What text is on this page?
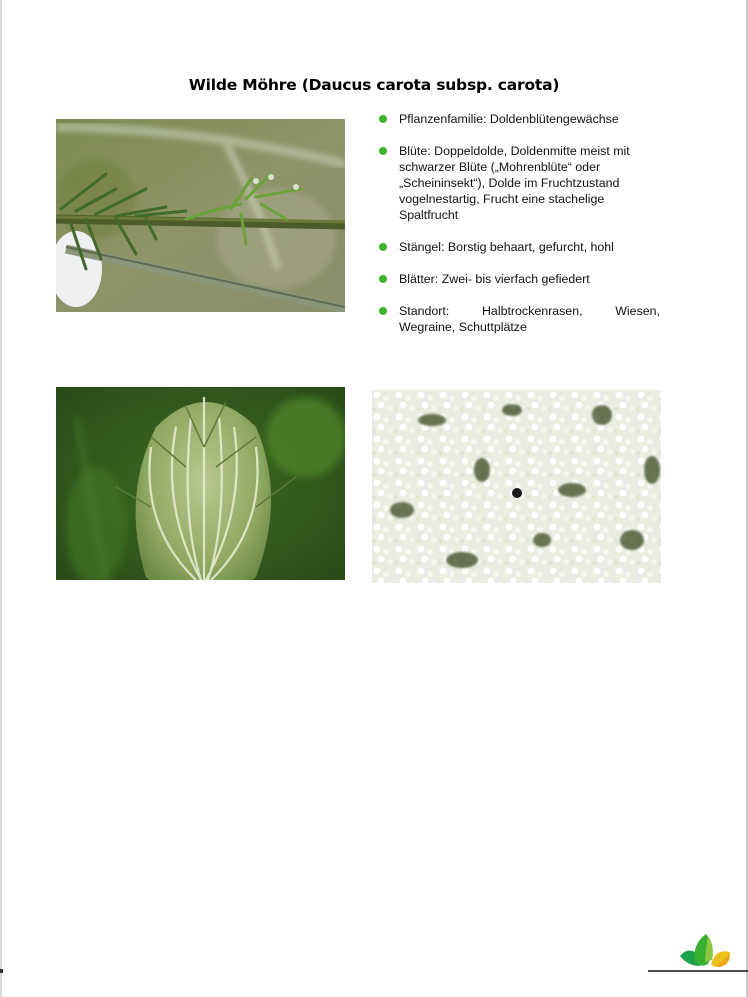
Wilde Möhre (Daucus carota subsp. carota)
Pflanzenfamilie: Doldenblütengewächse
Blüte: Doppeldolde, Doldenmitte meist mit schwarzer Blüte („Mohrenblüte“ oder „Scheininsekt“), Dolde im Fruchtzustand vogelnestartig, Frucht eine stachelige Spaltfrucht
Stängel: Borstig behaart, gefurcht, hohl
Blätter: Zwei- bis vierfach gefiedert
Standort: Halbtrockenrasen, Wiesen, Wegraine, Schuttplätze
